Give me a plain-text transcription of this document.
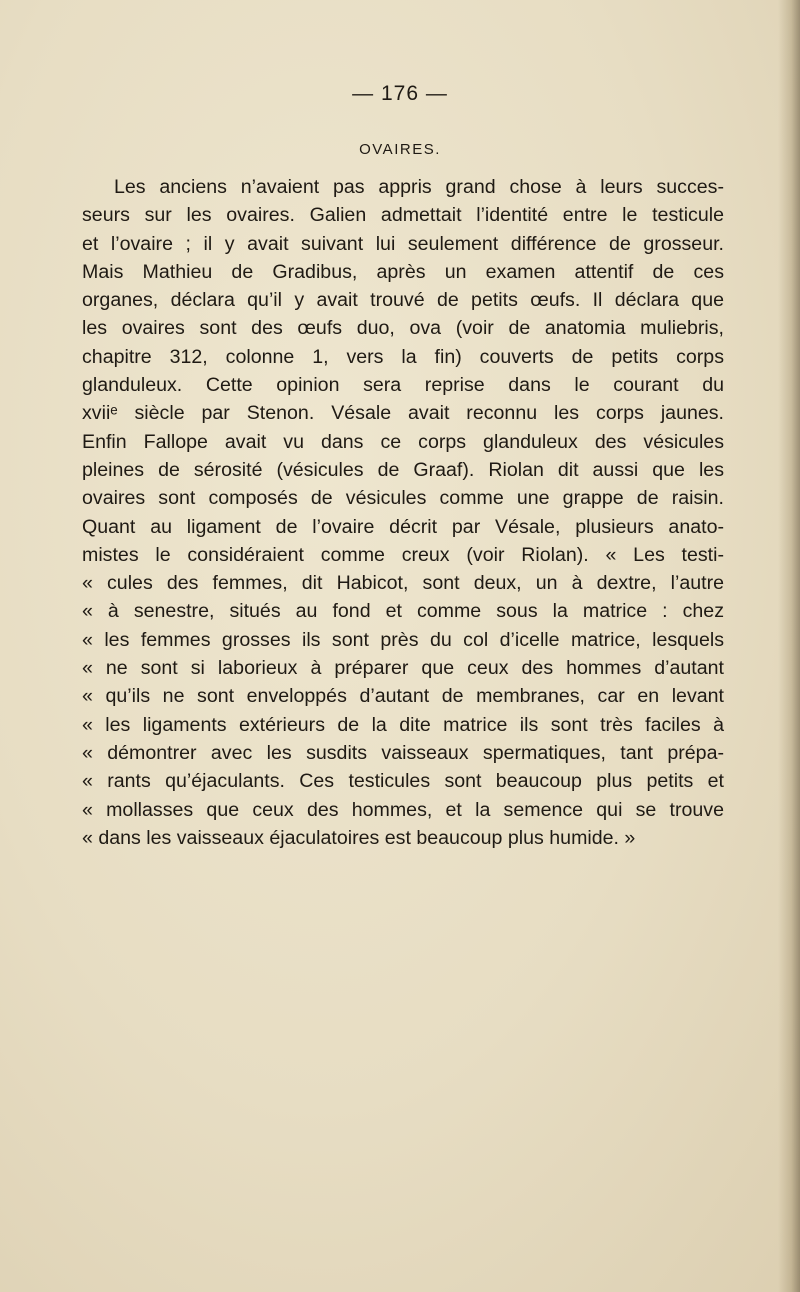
— 176 —
OVAIRES.
Les anciens n’avaient pas appris grand chose à leurs succes-
seurs sur les ovaires. Galien admettait l’identité entre le testicule
et l’ovaire ; il y avait suivant lui seulement différence de grosseur.
Mais Mathieu de Gradibus, après un examen attentif de ces
organes, déclara qu’il y avait trouvé de petits œufs. Il déclara que
les ovaires sont des œufs duo, ova (voir de anatomia muliebris,
chapitre 312, colonne 1, vers la fin) couverts de petits corps
glanduleux. Cette opinion sera reprise dans le courant du
xviiᵉ siècle par Stenon. Vésale avait reconnu les corps jaunes.
Enfin Fallope avait vu dans ce corps glanduleux des vésicules
pleines de sérosité (vésicules de Graaf). Riolan dit aussi que les
ovaires sont composés de vésicules comme une grappe de raisin.
Quant au ligament de l’ovaire décrit par Vésale, plusieurs anato-
mistes le considéraient comme creux (voir Riolan). « Les testi-
« cules des femmes, dit Habicot, sont deux, un à dextre, l’autre
« à senestre, situés au fond et comme sous la matrice : chez
« les femmes grosses ils sont près du col d’icelle matrice, lesquels
« ne sont si laborieux à préparer que ceux des hommes d’autant
« qu’ils ne sont enveloppés d’autant de membranes, car en levant
« les ligaments extérieurs de la dite matrice ils sont très faciles à
« démontrer avec les susdits vaisseaux spermatiques, tant prépa-
« rants qu’éjaculants. Ces testicules sont beaucoup plus petits et
« mollasses que ceux des hommes, et la semence qui se trouve
« dans les vaisseaux éjaculatoires est beaucoup plus humide. »
